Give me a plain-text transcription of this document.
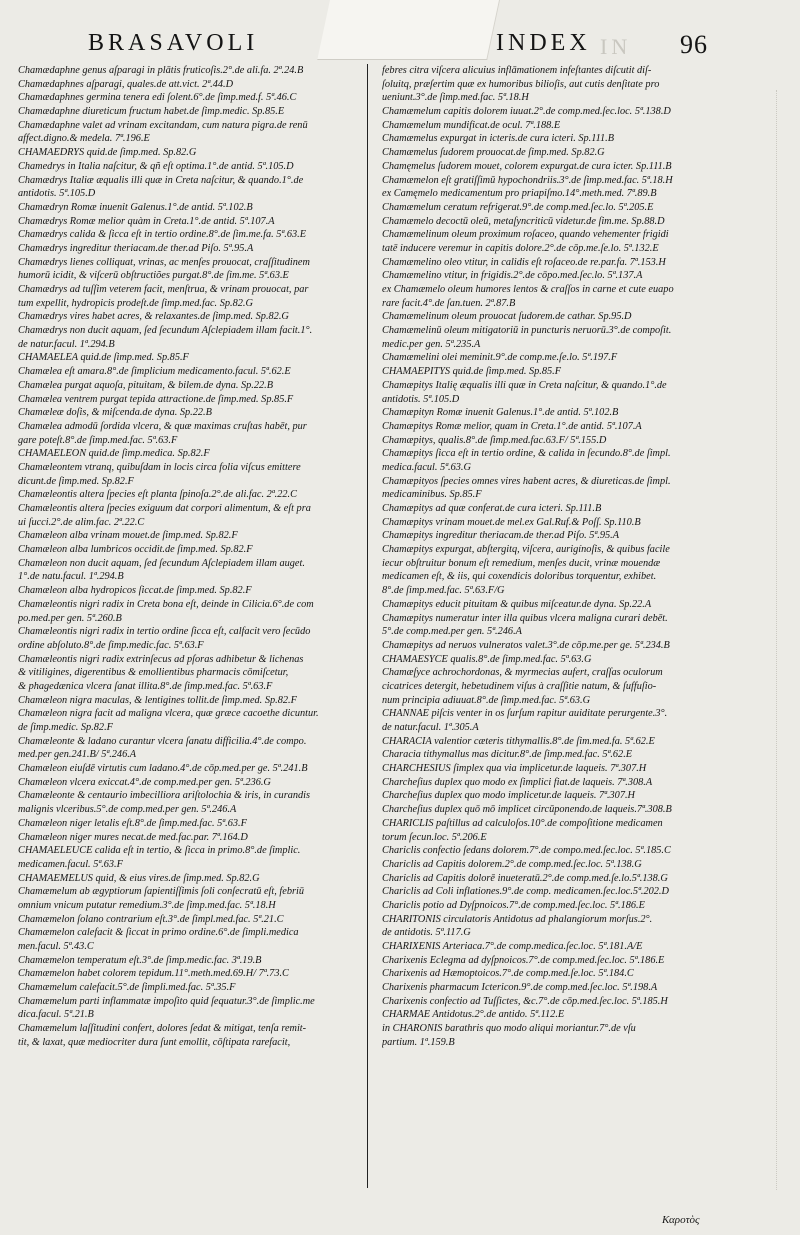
BRASAVOLI	INDEX IN 96
Chamædaphne genus aſparagi in plātis fruticoſis.2°.de ali.fa. 2ª.24.B
Chamædaphnes aſparagi, quales.de att.vict. 2ª.44.D
Chamædaphnes germina tenera edi ſolent.6°.de ſimp.med.f. 5ª.46.C
Chamædaphne diureticum fructum habet.de ſimp.medic. Sp.85.E
Chamædaphne valet ad vrinam excitandam, cum natura pigra.de renū
affect.digno.& medela. 7ª.196.E
CHAMAEDRYS quid.de ſimp.med. Sp.82.G
Chamedrys in Italia naſcitur, & qñ eſt optima.1°.de antid. 5ª.105.D
Chamædrys Italiæ æqualis illi quæ in Creta naſcitur, & quando.1°.de
antidotis. 5ª.105.D
Chamædryn Romæ inuenit Galenus.1°.de antid. 5ª.102.B
Chamædrys Romæ melior quàm in Creta.1°.de antid. 5ª.107.A
Chamædrys calida & ſicca eſt in tertio ordine.8°.de ſim.me.fa. 5ª.63.E
Chamædrys ingreditur theriacam.de ther.ad Piſo. 5ª.95.A
Chamædrys lienes colliquat, vrinas, ac menſes prouocat, craſſitudinem
humorū icidit, & viſcerū obſtructiões purgat.8°.de ſim.me. 5ª.63.E
Chamædrys ad tuſſim veterem facit, menſtrua, & vrinam prouocat, par
tum expellit, hydropicis prodeſt.de ſimp.med.fac. Sp.82.G
Chamædrys vires habet acres, & relaxantes.de ſimp.med. Sp.82.G
Chamædrys non ducit aquam, ſed ſecundum Aſclepiadem illam facit.1°.
de natur.facul. 1ª.294.B
CHAMAELEA quid.de ſimp.med. Sp.85.F
Chamælea eſt amara.8°.de ſimplicium medicamento.facul. 5ª.62.E
Chamælea purgat aquoſa, pituitam, & bilem.de dyna. Sp.22.B
Chamælea ventrem purgat tepida attractione.de ſimp.med. Sp.85.F
Chamæleæ doſis, & miſcenda.de dyna. Sp.22.B
Chamælea admodū ſordida vlcera, & quæ maximas cruſtas habēt, pur
gare poteſt.8°.de ſimp.med.fac. 5ª.63.F
CHAMAELEON quid.de ſimp.medica. Sp.82.F
Chamæleontem vtranq, quibuſdam in locis circa folia viſcus emittere
dicunt.de ſimp.med. Sp.82.F
Chamæleontis altera ſpecies eſt planta ſpinoſa.2°.de ali.fac. 2ª.22.C
Chamæleontis altera ſpecies exiguum dat corpori alimentum, & eſt pra
ui ſucci.2°.de alim.fac. 2ª.22.C
Chamæleon alba vrinam mouet.de ſimp.med. Sp.82.F
Chamæleon alba lumbricos occidit.de ſimp.med. Sp.82.F
Chamæleon non ducit aquam, ſed ſecundum Aſclepiadem illam auget.
1°.de natu.facul. 1ª.294.B
Chamæleon alba hydropicos ſiccat.de ſimp.med. Sp.82.F
Chamæleontis nigri radix in Creta bona eſt, deinde in Cilicia.6°.de com
po.med.per gen. 5ª.260.B
Chamæleontis nigri radix in tertio ordine ſicca eſt, calfacit vero ſecūdo
ordine abſoluto.8°.de ſimp.medic.fac. 5ª.63.F
Chamæleontis nigri radix extrinſecus ad pſoras adhibetur & lichenas
& vitiligines, digerentibus & emollientibus pharmacis cōmiſcetur,
& phagedænica vlcera ſanat illita.8°.de ſimp.med.fac. 5ª.63.F
Chamæleon nigra maculas, & lentigines tollit.de ſimp.med. Sp.82.F
Chamæleon nigra facit ad maligna vlcera, quæ græce cacoethe dicuntur.
de ſimp.medic. Sp.82.F
Chamæleonte & ladano curantur vlcera ſanatu difficilia.4°.de compo.
med.per gen.241.B/ 5ª.246.A
Chamæleon eiuſdē virtutis cum ladano.4°.de cōp.med.per ge. 5ª.241.B
Chamæleon vlcera exiccat.4°.de comp.med.per gen. 5ª.236.G
Chamæleonte & centaurio imbecilliora ariſtolochia & iris, in curandis
malignis vlceribus.5°.de comp.med.per gen. 5ª.246.A
Chamæleon niger letalis eſt.8°.de ſimp.med.fac. 5ª.63.F
Chamæleon niger mures necat.de med.fac.par. 7ª.164.D
CHAMAELEUCE calida eſt in tertio, & ſicca in primo.8°.de ſimplic.
medicamen.facul. 5ª.63.F
CHAMAEMELUS quid, & eius vires.de ſimp.med. Sp.82.G
Chamæmelum ab ægyptiorum ſapientiſſimis ſoli conſecratū eſt, febriū
omnium vnicum putatur remedium.3°.de ſimp.med.fac. 5ª.18.H
Chamæmelon ſolano contrarium eſt.3°.de ſimpl.med.fac. 5ª.21.C
Chamæmelon calefacit & ſiccat in primo ordine.6°.de ſimpli.medica
men.facul. 5ª.43.C
Chamæmelon temperatum eſt.3°.de ſimp.medic.fac. 3ª.19.B
Chamæmelon habet colorem tepidum.11°.meth.med.69.H/ 7ª.73.C
Chamæmelum calefacit.5°.de ſimpli.med.fac. 5ª.35.F
Chamæmelum parti inflammatæ impoſito quid ſequatur.3°.de ſimplic.me
dica.facul. 5ª.21.B
Chamæmelum laſſitudini confert, dolores ſedat & mitigat, tenſa remit-
tit, & laxat, quæ mediocriter dura ſunt emollit, cōſtipata rarefacit,
febres citra viſcera alicuius inflāmationem infeſtantes diſcutit diſ-
ſoluitq, præſertim quæ ex humoribus bilioſis, aut cutis denſitate pro
ueniunt.3°.de ſimp.med.fac. 5ª.18.H
Chamæmelum capitis dolorem iuuat.2°.de comp.med.ſec.loc. 5ª.138.D
Chamæmelum mundificat.de ocul. 7ª.188.E
Chamæmelus expurgat in icteris.de cura icteri. Sp.111.B
Chamæmelus ſudorem prouocat.de ſimp.med. Sp.82.G
Chamęmelus ſudorem mouet, colorem expurgat.de cura icter. Sp.111.B
Chamæmelon eſt gratiſſimū hypochondriis.3°.de ſimp.med.fac. 5ª.18.H
ex Camęmelo medicamentum pro priapiſmo.14°.meth.med. 7ª.89.B
Chamæmelum ceratum refrigerat.9°.de comp.med.ſec.lo. 5ª.205.E
Chamæmelo decoctū oleū, metaſyncriticū videtur.de ſim.me. Sp.88.D
Chamæmelinum oleum proximum roſaceo, quando vehementer frigidi
tatē inducere veremur in capitis dolore.2°.de cōp.me.ſe.lo. 5ª.132.E
Chamæmelino oleo vtitur, in calidis eſt roſaceo.de re.par.fa. 7ª.153.H
Chamæmelino vtitur, in frigidis.2°.de cōpo.med.ſec.lo. 5ª.137.A
ex Chamæmelo oleum humores lentos & craſſos in carne et cute euapo
rare facit.4°.de ſan.tuen. 2ª.87.B
Chamæmelinum oleum prouocat ſudorem.de cathar. Sp.95.D
Chamæmelinū oleum mitigatoriū in puncturis neruorū.3°.de compoſit.
medic.per gen. 5ª.235.A
Chamæmelini olei meminit.9°.de comp.me.ſe.lo. 5ª.197.F
CHAMAEPITYS quid.de ſimp.med. Sp.85.F
Chamæpitys Italię æqualis illi quæ in Creta naſcitur, & quando.1°.de
antidotis. 5ª.105.D
Chamæpityn Romæ inuenit Galenus.1°.de antid. 5ª.102.B
Chamæpitys Romæ melior, quam in Creta.1°.de antid. 5ª.107.A
Chamæpitys, qualis.8°.de ſimp.med.fac.63.F/ 5ª.155.D
Chamæpitys ſicca eſt in tertio ordine, & calida in ſecundo.8°.de ſimpl.
medica.facul. 5ª.63.G
Chamæpityos ſpecies omnes vires habent acres, & diureticas.de ſimpl.
medicaminibus. Sp.85.F
Chamæpitys ad quæ conferat.de cura icteri. Sp.111.B
Chamæpitys vrinam mouet.de mel.ex Gal.Ruf.& Poſſ. Sp.110.B
Chamæpitys ingreditur theriacam.de ther.ad Piſo. 5ª.95.A
Chamæpitys expurgat, abſtergitq, viſcera, aurigínoſis, & quibus facile
iecur obſtruitur bonum eſt remedium, menſes ducit, vrinæ mouendæ
medicamen eſt, & iis, qui coxendicis doloribus torquentur, exhibet.
8°.de ſimp.med.fac. 5ª.63.F/G
Chamæpitys educit pituitam & quibus miſceatur.de dyna. Sp.22.A
Chamæpitys numeratur inter illa quibus vlcera maligna curari debēt.
5°.de comp.med.per gen. 5ª.246.A
Chamæpitys ad neruos vulneratos valet.3°.de cōp.me.per ge. 5ª.234.B
CHAMAESYCE qualis.8°.de ſimp.med.fac. 5ª.63.G
Chamæſyce achrochordonas, & myrmecias aufert, craſſas oculorum
cicatrices detergit, hebetudinem viſus à craſſitie natum, & ſuffuſio-
num principia adiuuat.8°.de ſimp.med.fac. 5ª.63.G
CHANNAE piſcis venter in os ſurſum rapitur auiditate perurgente.3°.
de natur.facul. 1ª.305.A
CHARACIA valentior cæteris tithymallis.8°.de ſim.med.fa. 5ª.62.E
Characia tithymallus mas dicitur.8°.de ſimp.med.fac. 5ª.62.E
CHARCHESIUS ſimplex qua via implicetur.de laqueis. 7ª.307.H
Charcheſius duplex quo modo ex ſimplici fiat.de laqueis. 7ª.308.A
Charcheſius duplex quo modo implicetur.de laqueis. 7ª.307.H
Charcheſius duplex quō mō implicet circūponendo.de laqueis.7ª.308.B
CHARICLIS paſtillus ad calculoſos.10°.de compoſitione medicamen
torum ſecun.loc. 5ª.206.E
Chariclis confectio ſedans dolorem.7°.de compo.med.ſec.loc. 5ª.185.C
Chariclis ad Capitis dolorem.2°.de comp.med.ſec.loc. 5ª.138.G
Chariclis ad Capitis dolorē inueteratū.2°.de comp.med.ſe.lo.5ª.138.G
Chariclis ad Coli inflationes.9°.de comp. medicamen.ſec.loc.5ª.202.D
Chariclis potio ad Dyſpnoicos.7°.de comp.med.ſec.loc. 5ª.186.E
CHARITONIS circulatoris Antidotus ad phalangiorum morſus.2°.
de antidotis. 5ª.117.G
CHARIXENIS Arteriaca.7°.de comp.medica.ſec.loc. 5ª.181.A/E
Charixenis Eclegma ad dyſpnoicos.7°.de comp.med.ſec.loc. 5ª.186.E
Charixenis ad Hæmoptoicos.7°.de comp.med.ſe.loc. 5ª.184.C
Charixenis pharmacum Ictericon.9°.de comp.med.ſec.loc. 5ª.198.A
Charixenis confectio ad Tuſſictes, &c.7°.de cōp.med.ſec.loc. 5ª.185.H
CHARMAE Antidotus.2°.de antido. 5ª.112.E
in CHARONIS barathris quo modo aliqui moriantur.7°.de vſu
partium. 1ª.159.B
Καροτὸς
